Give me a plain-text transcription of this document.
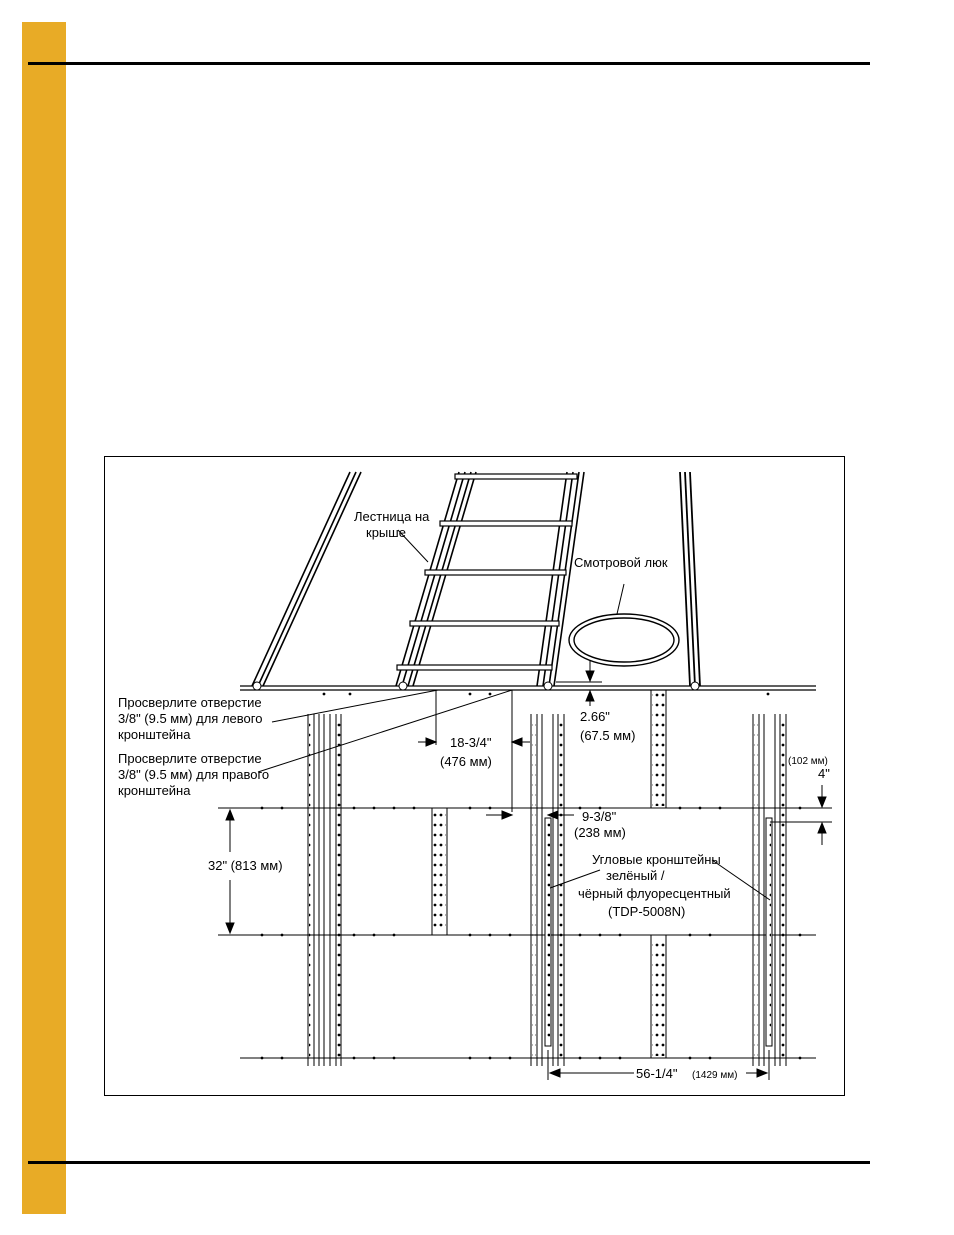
Лестница на
крыше
Смотровой люк
Просверлите отверстие
3/8" (9.5 мм) для левого
кронштейна
Просверлите отверстие
3/8" (9.5 мм) для правого
кронштейна
2.66"
(67.5 мм)
18-3/4"
(476 мм)	(102 мм)
4"
9-3/8"
(238 мм)
32" (813 мм)	Угловые кронштейны
зелёный /
чёрный флуоресцентный
(TDP-5008N)
56-1/4" (1429 мм)
